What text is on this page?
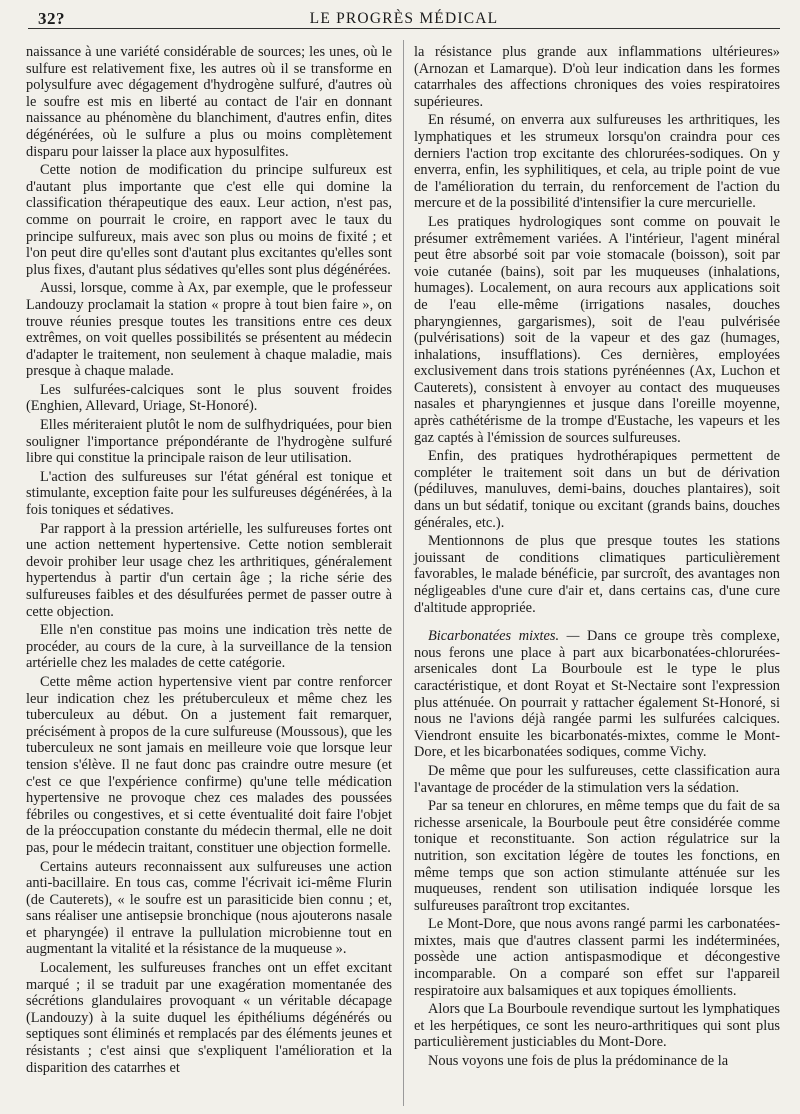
32?	LE PROGRÈS MÉDICAL

naissance à une variété considérable de sources; les unes, où le sulfure est relativement fixe, les autres où il se transforme en polysulfure avec dégagement d'hydrogène sulfuré, d'autres où le soufre est mis en liberté au contact de l'air en donnant naissance au phénomène du blanchiment, d'autres enfin, dites dégénérées, où le sulfure a plus ou moins complètement disparu pour laisser la place aux hyposulfites.

Cette notion de modification du principe sulfureux est d'autant plus importante que c'est elle qui domine la classification thérapeutique des eaux. Leur action, n'est pas, comme on pourrait le croire, en rapport avec le taux du principe sulfureux, mais avec son plus ou moins de fixité ; et l'on peut dire qu'elles sont d'autant plus excitantes qu'elles sont plus fixes, d'autant plus sédatives qu'elles sont plus dégénérées.

Aussi, lorsque, comme à Ax, par exemple, que le professeur Landouzy proclamait la station « propre à tout bien faire », on trouve réunies presque toutes les transitions entre ces deux extrêmes, on voit quelles possibilités se présentent au médecin d'adapter le traitement, non seulement à chaque maladie, mais presque à chaque malade.

Les sulfurées-calciques sont le plus souvent froides (Enghien, Allevard, Uriage, St-Honoré).

Elles mériteraient plutôt le nom de sulfhydriquées, pour bien souligner l'importance prépondérante de l'hydrogène sulfuré libre qui constitue la principale raison de leur utilisation.

L'action des sulfureuses sur l'état général est tonique et stimulante, exception faite pour les sulfureuses dégénérées, à la fois toniques et sédatives.

Par rapport à la pression artérielle, les sulfureuses fortes ont une action nettement hypertensive. Cette notion semblerait devoir prohiber leur usage chez les arthritiques, généralement hypertendus à partir d'un certain âge ; la riche série des sulfureuses faibles et des désulfurées permet de passer outre à cette objection.

Elle n'en constitue pas moins une indication très nette de procéder, au cours de la cure, à la surveillance de la tension artérielle chez les malades de cette catégorie.

Cette même action hypertensive vient par contre renforcer leur indication chez les prétuberculeux et même chez les tuberculeux au début. On a justement fait remarquer, précisément à propos de la cure sulfureuse (Moussous), que les tuberculeux ne sont jamais en meilleure voie que lorsque leur tension s'élève. Il ne faut donc pas craindre outre mesure (et c'est ce que l'expérience confirme) qu'une telle médication hypertensive ne provoque chez ces malades des poussées fébriles ou congestives, et si cette éventualité doit faire l'objet de la préoccupation constante du médecin thermal, elle ne doit pas, pour le médecin traitant, constituer une objection formelle.

Certains auteurs reconnaissent aux sulfureuses une action anti-bacillaire. En tous cas, comme l'écrivait ici-même Flurin (de Cauterets), « le soufre est un parasiticide bien connu ; et, sans réaliser une antisepsie bronchique (nous ajouterons nasale et pharyngée) il entrave la pullulation microbienne tout en augmentant la vitalité et la résistance de la muqueuse ».

Localement, les sulfureuses franches ont un effet excitant marqué ; il se traduit par une exagération momentanée des sécrétions glandulaires provoquant « un véritable décapage (Landouzy) à la suite duquel les épithéliums dégénérés ou septiques sont éliminés et remplacés par des éléments jeunes et résistants ; c'est ainsi que s'expliquent l'amélioration et la disparition des catarrhes et

la résistance plus grande aux inflammations ultérieures» (Arnozan et Lamarque). D'où leur indication dans les formes catarrhales des affections chroniques des voies respiratoires supérieures.

En résumé, on enverra aux sulfureuses les arthritiques, les lymphatiques et les strumeux lorsqu'on craindra pour ces derniers l'action trop excitante des chlorurées-sodiques. On y enverra, enfin, les syphilitiques, et cela, au triple point de vue de l'amélioration du terrain, du renforcement de l'action du mercure et de la possibilité d'intensifier la cure mercurielle.

Les pratiques hydrologiques sont comme on pouvait le présumer extrêmement variées. A l'intérieur, l'agent minéral peut être absorbé soit par voie stomacale (boisson), soit par voie cutanée (bains), soit par les muqueuses (inhalations, humages). Localement, on aura recours aux applications soit de l'eau elle-même (irrigations nasales, douches pharyngiennes, gargarismes), soit de l'eau pulvérisée (pulvérisations) soit de la vapeur et des gaz (humages, inhalations, insufflations). Ces dernières, employées exclusivement dans trois stations pyrénéennes (Ax, Luchon et Cauterets), consistent à envoyer au contact des muqueuses nasales et pharyngiennes et jusque dans l'oreille moyenne, après cathétérisme de la trompe d'Eustache, les vapeurs et les gaz captés à l'émission de sources sulfureuses.

Enfin, des pratiques hydrothérapiques permettent de compléter le traitement soit dans un but de dérivation (pédiluves, manuluves, demi-bains, douches plantaires), soit dans un but sédatif, tonique ou excitant (grands bains, douches générales, etc.).

Mentionnons de plus que presque toutes les stations jouissant de conditions climatiques particulièrement favorables, le malade bénéficie, par surcroît, des avantages non négligeables d'une cure d'air et, dans certains cas, d'une cure d'altitude appropriée.

Bicarbonatées mixtes. — Dans ce groupe très complexe, nous ferons une place à part aux bicarbonatées-chlorurées-arsenicales dont La Bourboule est le type le plus caractéristique, et dont Royat et St-Nectaire sont l'expression plus atténuée. On pourrait y rattacher également St-Honoré, si nous ne l'avions déjà rangée parmi les sulfurées calciques. Viendront ensuite les bicarbonatés-mixtes, comme le Mont-Dore, et les bicarbonatées sodiques, comme Vichy.

De même que pour les sulfureuses, cette classification aura l'avantage de procéder de la stimulation vers la sédation.

Par sa teneur en chlorures, en même temps que du fait de sa richesse arsenicale, la Bourboule peut être considérée comme tonique et reconstituante. Son action régulatrice sur la nutrition, son excitation légère de toutes les fonctions, en même temps que son action stimulante atténuée sur les muqueuses, rendent son utilisation indiquée lorsque les sulfureuses paraîtront trop excitantes.

Le Mont-Dore, que nous avons rangé parmi les carbonatées-mixtes, mais que d'autres classent parmi les indéterminées, possède une action antispasmodique et décongestive incomparable. On a comparé son effet sur l'appareil respiratoire aux balsamiques et aux topiques émollients.

Alors que La Bourboule revendique surtout les lymphatiques et les herpétiques, ce sont les neuro-arthritiques qui sont plus particulièrement justiciables du Mont-Dore.

Nous voyons une fois de plus la prédominance de la
